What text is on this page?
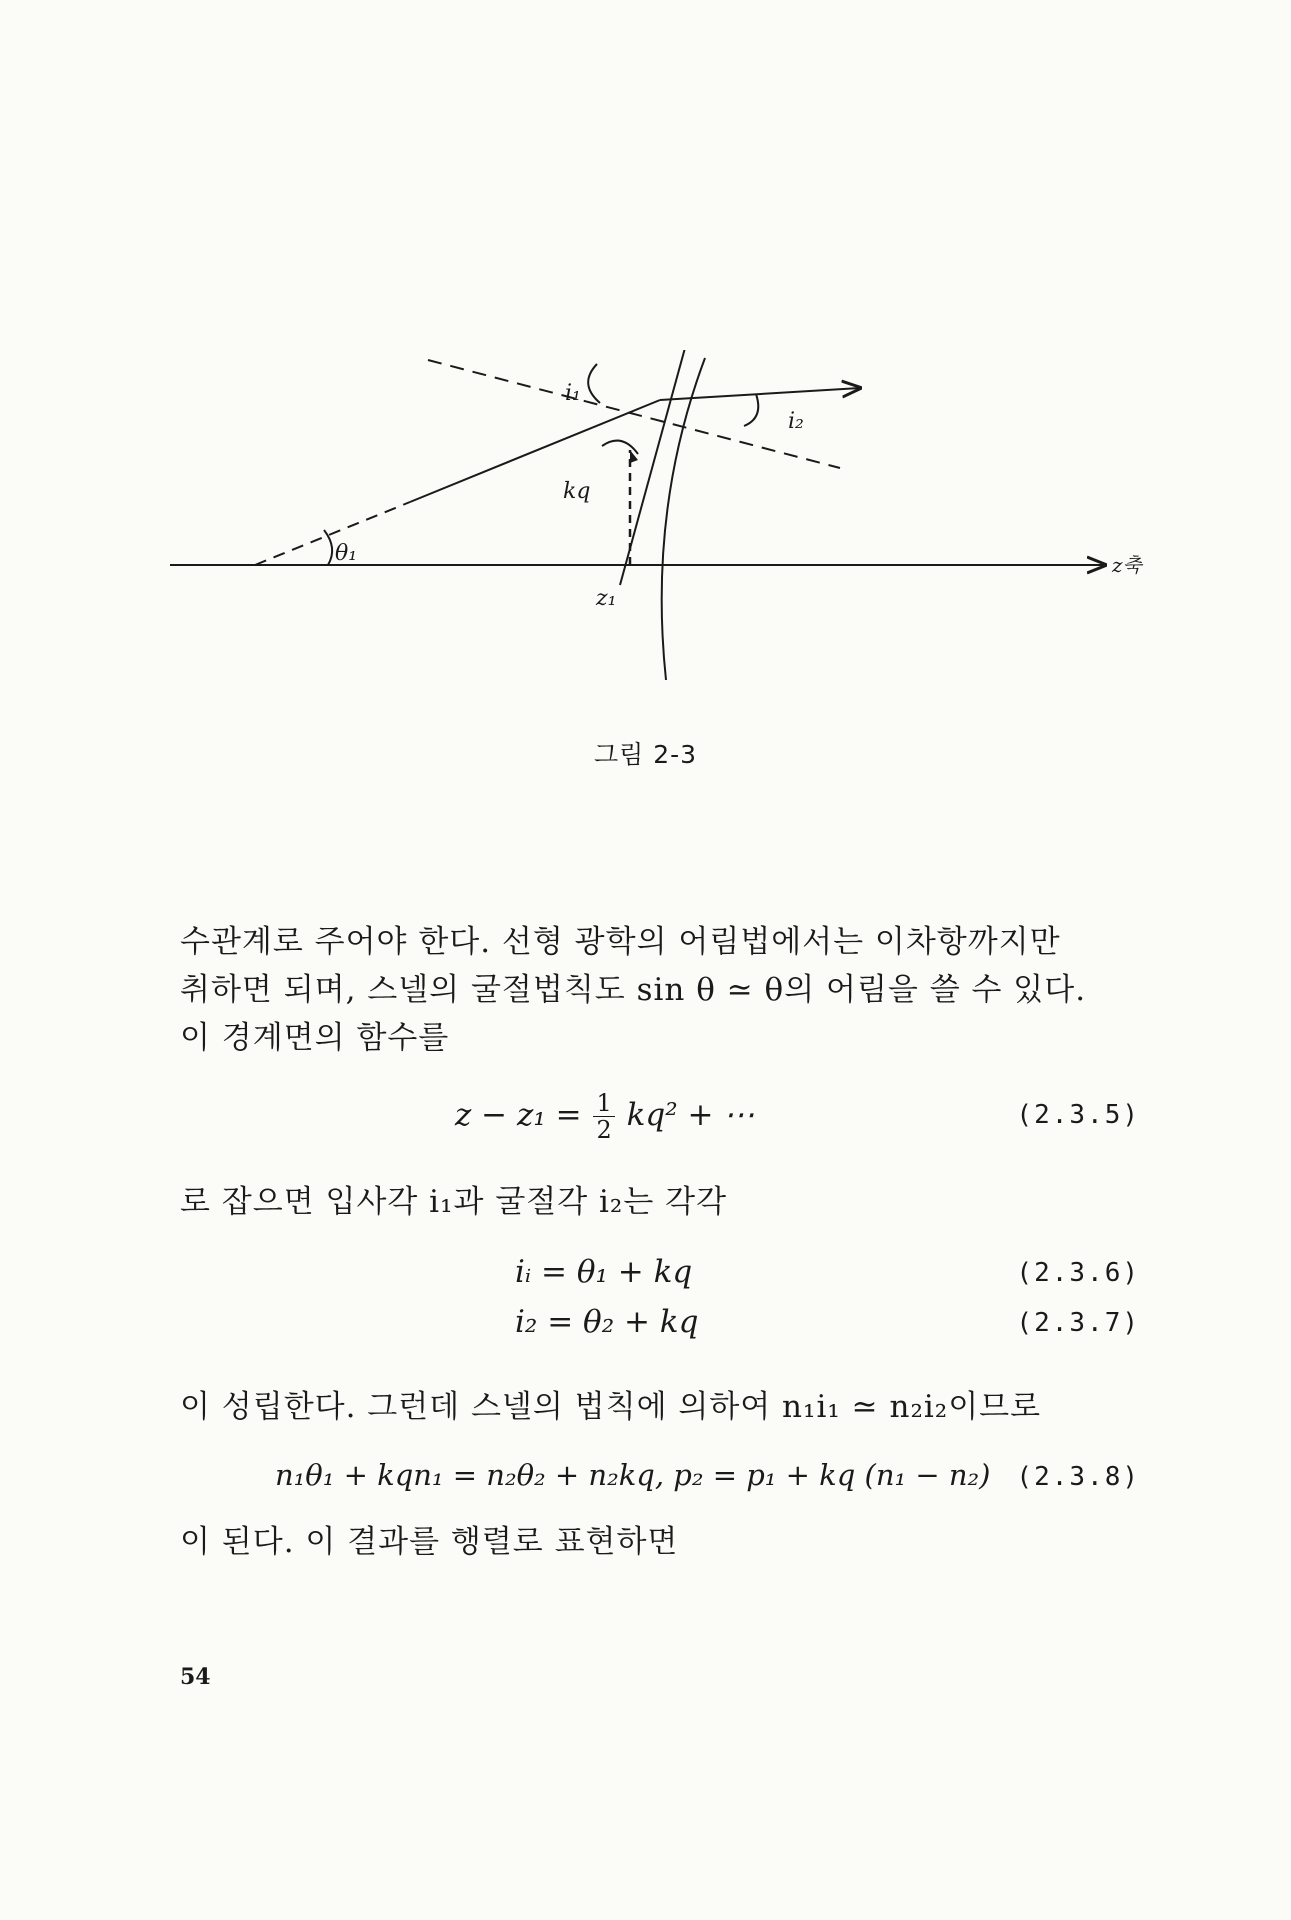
i₁
i₂
θ₁
kq
z₁
z축
그림 2-3
수관계로 주어야 한다. 선형 광학의 어림법에서는 이차항까지만
취하면 되며, 스넬의 굴절법칙도 sin θ ≃ θ의 어림을 쓸 수 있다.
이 경계면의 함수를
$z - z_1 = \frac{1}{2} kq^2$ + ⋯	(2.3.5)
로 잡으면 입사각 i₁과 굴절각 i₂는 각각
iᵢ = θ₁ + kq	(2.3.6)
i₂ = θ₂ + kq	(2.3.7)
이 성립한다. 그런데 스넬의 법칙에 의하여 n₁i₁ ≃ n₂i₂이므로
n₁θ₁ + kqn₁ = n₂θ₂ + n₂kq, p₂ = p₁ + kq (n₁ − n₂) (2.3.8)
이 된다. 이 결과를 행렬로 표현하면
54
